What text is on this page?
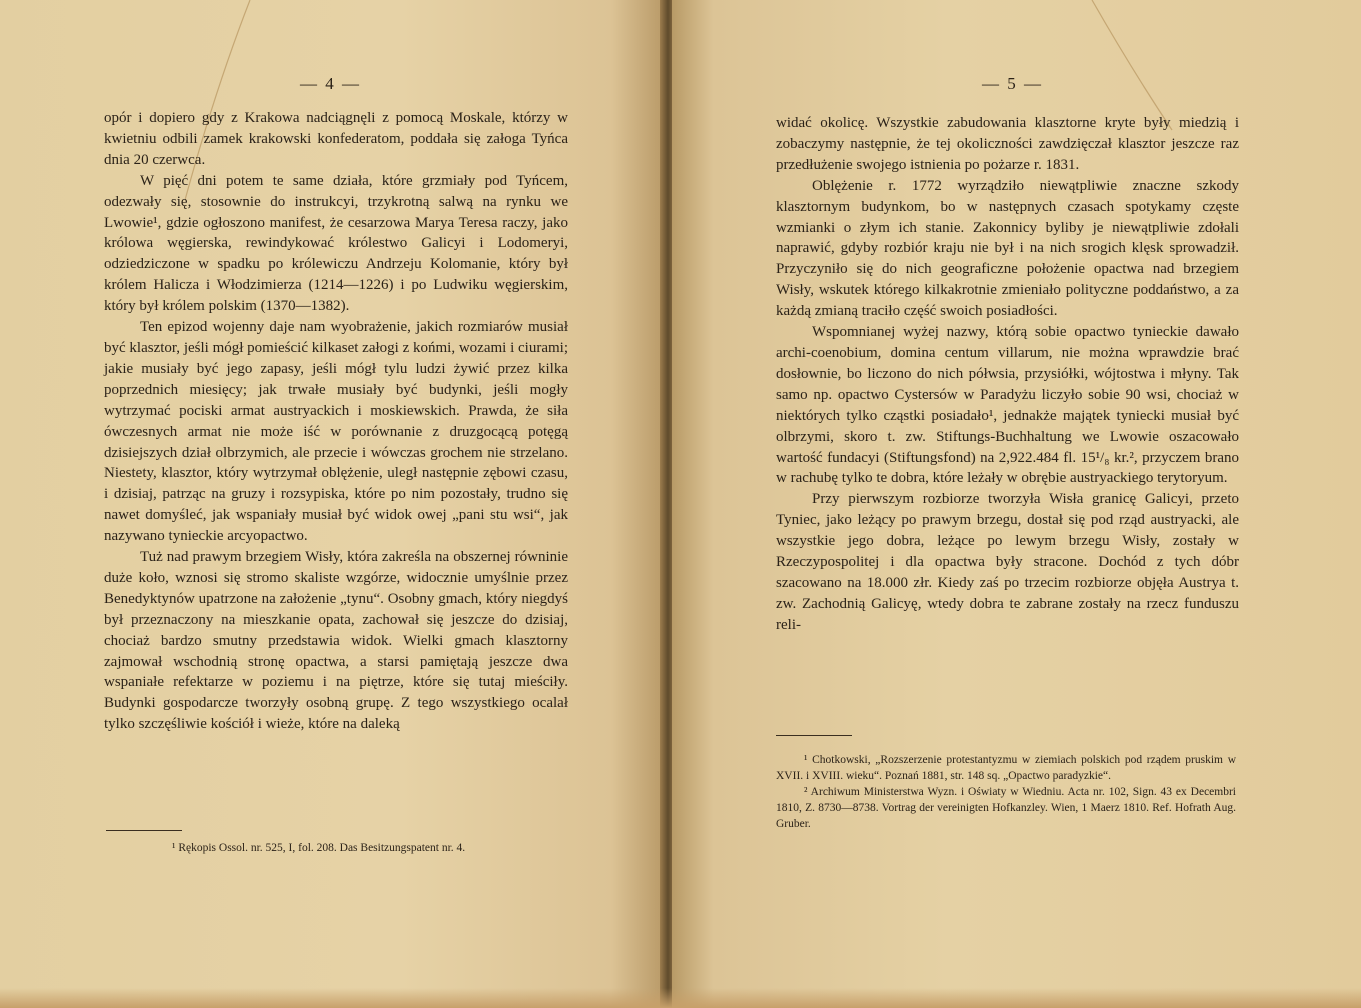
— 4 —

opór i dopiero gdy z Krakowa nadciągnęli z pomocą Moskale, którzy w kwietniu odbili zamek krakowski konfederatom, poddała się załoga Tyńca dnia 20 czerwca.

W pięć dni potem te same działa, które grzmiały pod Tyńcem, odezwały się, stosownie do instrukcyi, trzykrotną salwą na rynku we Lwowie¹, gdzie ogłoszono manifest, że cesarzowa Marya Teresa raczy, jako królowa węgierska, rewindykować królestwo Galicyi i Lodomeryi, odziedziczone w spadku po królewiczu Andrzeju Kolomanie, który był królem Halicza i Włodzimierza (1214—1226) i po Ludwiku węgierskim, który był królem polskim (1370—1382).

Ten epizod wojenny daje nam wyobrażenie, jakich rozmiarów musiał być klasztor, jeśli mógł pomieścić kilkaset załogi z końmi, wozami i ciurami; jakie musiały być jego zapasy, jeśli mógł tylu ludzi żywić przez kilka poprzednich miesięcy; jak trwałe musiały być budynki, jeśli mogły wytrzymać pociski armat austryackich i moskiewskich. Prawda, że siła ówczesnych armat nie może iść w porównanie z druzgocącą potęgą dzisiejszych dział olbrzymich, ale przecie i wówczas grochem nie strzelano. Niestety, klasztor, który wytrzymał oblężenie, uległ następnie zębowi czasu, i dzisiaj, patrząc na gruzy i rozsypiska, które po nim pozostały, trudno się nawet domyśleć, jak wspaniały musiał być widok owej „pani stu wsi“, jak nazywano tynieckie arcyopactwo.

Tuż nad prawym brzegiem Wisły, która zakreśla na obszernej równinie duże koło, wznosi się stromo skaliste wzgórze, widocznie umyślnie przez Benedyktynów upatrzone na założenie „tynu“. Osobny gmach, który niegdyś był przeznaczony na mieszkanie opata, zachował się jeszcze do dzisiaj, chociaż bardzo smutny przedstawia widok. Wielki gmach klasztorny zajmował wschodnią stronę opactwa, a starsi pamiętają jeszcze dwa wspaniałe refektarze w poziemu i na piętrze, które się tutaj mieściły. Budynki gospodarcze tworzyły osobną grupę. Z tego wszystkiego ocalał tylko szczęśliwie kościół i wieże, które na daleką

¹ Rękopis Ossol. nr. 525, I, fol. 208. Das Besitzungspatent nr. 4.

— 5 —

widać okolicę. Wszystkie zabudowania klasztorne kryte były miedzią i zobaczymy następnie, że tej okoliczności zawdzięczał klasztor jeszcze raz przedłużenie swojego istnienia po pożarze r. 1831.

Oblężenie r. 1772 wyrządziło niewątpliwie znaczne szkody klasztornym budynkom, bo w następnych czasach spotykamy częste wzmianki o złym ich stanie. Zakonnicy byliby je niewątpliwie zdołali naprawić, gdyby rozbiór kraju nie był i na nich srogich klęsk sprowadził. Przyczyniło się do nich geograficzne położenie opactwa nad brzegiem Wisły, wskutek którego kilkakrotnie zmieniało polityczne poddaństwo, a za każdą zmianą traciło część swoich posiadłości.

Wspomnianej wyżej nazwy, którą sobie opactwo tynieckie dawało archi-coenobium, domina centum villarum, nie można wprawdzie brać dosłownie, bo liczono do nich półwsia, przysiółki, wójtostwa i młyny. Tak samo np. opactwo Cystersów w Paradyżu liczyło sobie 90 wsi, chociaż w niektórych tylko cząstki posiadało¹, jednakże majątek tyniecki musiał być olbrzymi, skoro t. zw. Stiftungs-Buchhaltung we Lwowie oszacowało wartość fundacyi (Stiftungsfond) na 2,922.484 fl. 15¹/₈ kr.², przyczem brano w rachubę tylko te dobra, które leżały w obrębie austryackiego terytoryum.

Przy pierwszym rozbiorze tworzyła Wisła granicę Galicyi, przeto Tyniec, jako leżący po prawym brzegu, dostał się pod rząd austryacki, ale wszystkie jego dobra, leżące po lewym brzegu Wisły, zostały w Rzeczypospolitej i dla opactwa były stracone. Dochód z tych dóbr szacowano na 18.000 złr. Kiedy zaś po trzecim rozbiorze objęła Austrya t. zw. Zachodnią Galicyę, wtedy dobra te zabrane zostały na rzecz funduszu reli-

¹ Chotkowski, „Rozszerzenie protestantyzmu w ziemiach polskich pod rządem pruskim w XVII. i XVIII. wieku“. Poznań 1881, str. 148 sq. „Opactwo paradyzkie“.

² Archiwum Ministerstwa Wyzn. i Oświaty w Wiedniu. Acta nr. 102, Sign. 43 ex Decembri 1810, Z. 8730—8738. Vortrag der vereinigten Hofkanzley. Wien, 1 Maerz 1810. Ref. Hofrath Aug. Gruber.
